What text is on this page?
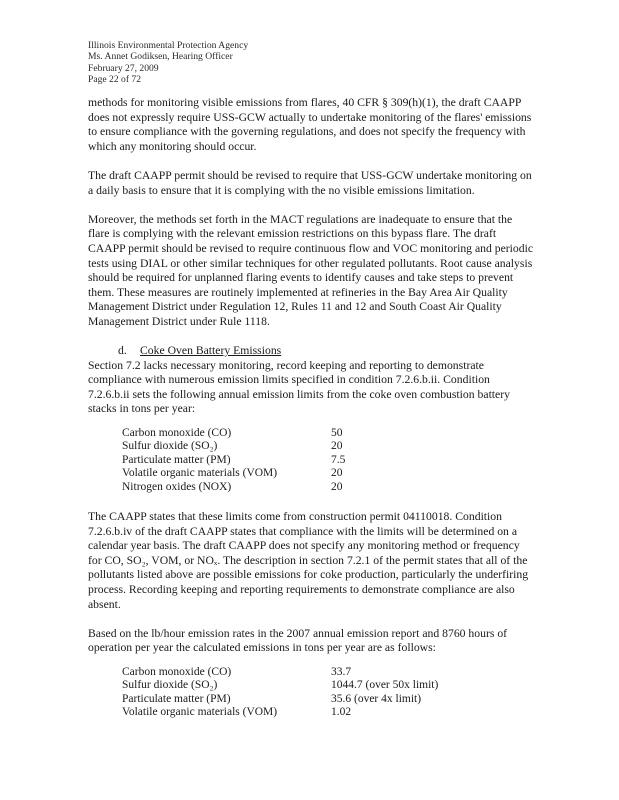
Illinois Environmental Protection Agency
Ms. Annet Godiksen, Hearing Officer
February 27, 2009
Page 22 of 72

methods for monitoring visible emissions from flares, 40 CFR § 309(h)(1), the draft CAAPP does not expressly require USS-GCW actually to undertake monitoring of the flares' emissions to ensure compliance with the governing regulations, and does not specify the frequency with which any monitoring should occur.

The draft CAAPP permit should be revised to require that USS-GCW undertake monitoring on a daily basis to ensure that it is complying with the no visible emissions limitation.

Moreover, the methods set forth in the MACT regulations are inadequate to ensure that the flare is complying with the relevant emission restrictions on this bypass flare. The draft CAAPP permit should be revised to require continuous flow and VOC monitoring and periodic tests using DIAL or other similar techniques for other regulated pollutants. Root cause analysis should be required for unplanned flaring events to identify causes and take steps to prevent them. These measures are routinely implemented at refineries in the Bay Area Air Quality Management District under Regulation 12, Rules 11 and 12 and South Coast Air Quality Management District under Rule 1118.

d. Coke Oven Battery Emissions

Section 7.2 lacks necessary monitoring, record keeping and reporting to demonstrate compliance with numerous emission limits specified in condition 7.2.6.b.ii. Condition 7.2.6.b.ii sets the following annual emission limits from the coke oven combustion battery stacks in tons per year:

Carbon monoxide (CO)	50
Sulfur dioxide (SO₂)	20
Particulate matter (PM)	7.5
Volatile organic materials (VOM)	20
Nitrogen oxides (NOX)	20

The CAAPP states that these limits come from construction permit 04110018. Condition 7.2.6.b.iv of the draft CAAPP states that compliance with the limits will be determined on a calendar year basis. The draft CAAPP does not specify any monitoring method or frequency for CO, SO₂, VOM, or NOₓ. The description in section 7.2.1 of the permit states that all of the pollutants listed above are possible emissions for coke production, particularly the underfiring process. Recording keeping and reporting requirements to demonstrate compliance are also absent.

Based on the lb/hour emission rates in the 2007 annual emission report and 8760 hours of operation per year the calculated emissions in tons per year are as follows:

Carbon monoxide (CO)	33.7
Sulfur dioxide (SO₂)	1044.7 (over 50x limit)
Particulate matter (PM)	35.6 (over 4x limit)
Volatile organic materials (VOM)	1.02
